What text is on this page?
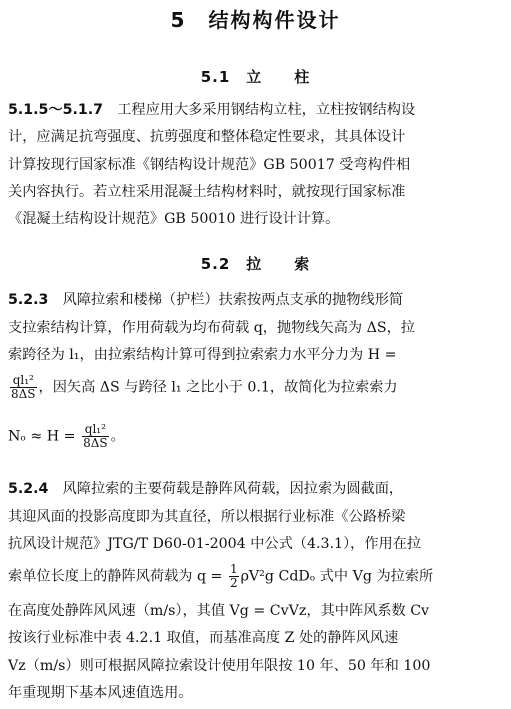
5　结构构件设计
5.1　立　　柱
5.1.5～5.1.7　 工程应用大多采用钢结构立柱，立柱按钢结构设
计，应满足抗弯强度、抗剪强度和整体稳定性要求，其具体设计
计算按现行国家标准《钢结构设计规范》GB 50017 受弯构件相
关内容执行。若立柱采用混凝土结构材料时，就按现行国家标准
《混凝土结构设计规范》GB 50010 进行设计计算。
5.2　拉　　索
5.2.3　 风障拉索和楼梯（护栏）扶索按两点支承的抛物线形简
支拉索结构计算，作用荷载为均布荷载 q，抛物线矢高为 ΔS，拉
索跨径为 l₁，由拉索结构计算可得到拉索索力水平分力为 H =
$\frac{\text{ql₁²}}{8\Delta S}$ ，因矢高 ΔS 与跨径 l₁ 之比小于 0.1，故简化为拉索索力
$N_o \approx H = \frac{\text{ql₁²}}{8\Delta S}$ 。
5.2.4　 风障拉索的主要荷载是静阵风荷载，因拉索为圆截面，
其迎风面的投影高度即为其直径，所以根据行业标准《公路桥梁
抗风设计规范》JTG/T D60-01-2004 中公式（4.3.1），作用在拉
索单位长度上的静阵风荷载为 $q = \frac{1}{2} \rho V^2g$ CdDₒ 式中 Vg 为拉索所
在高度处静阵风风速（m/s），其值 Vg = CvVz，其中阵风系数 Cv
按该行业标准中表 4.2.1 取值，而基准高度 Z 处的静阵风风速
Vz（m/s）则可根据风障拉索设计使用年限按 10 年、50 年和 100
年重现期下基本风速值选用。
